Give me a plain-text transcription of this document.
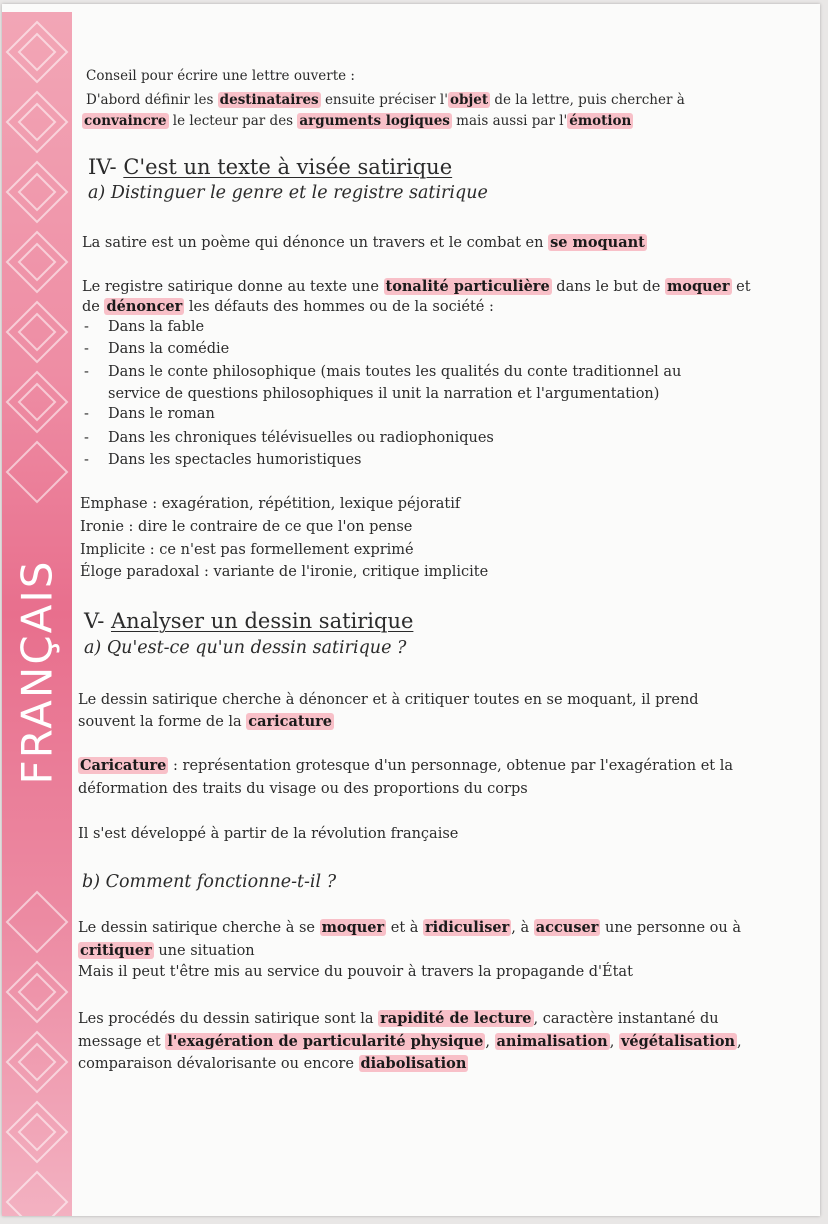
FRANÇAIS
Conseil pour écrire une lettre ouverte :
D'abord définir les destinataires ensuite préciser l' objet de la lettre, puis chercher à
convaincre le lecteur par des arguments logiques mais aussi par l' émotion
IV- C'est un texte à visée satirique
a) Distinguer le genre et le registre satirique
La satire est un poème qui dénonce un travers et le combat en se moquant
Le registre satirique donne au texte une tonalité particulière dans le but de moquer et
de dénoncer les défauts des hommes ou de la société :
- Dans la fable
- Dans la comédie
- Dans le conte philosophique (mais toutes les qualités du conte traditionnel au
service de questions philosophiques il unit la narration et l'argumentation)
- Dans le roman
- Dans les chroniques télévisuelles ou radiophoniques
- Dans les spectacles humoristiques
Emphase : exagération, répétition, lexique péjoratif
Ironie : dire le contraire de ce que l'on pense
Implicite : ce n'est pas formellement exprimé
Éloge paradoxal : variante de l'ironie, critique implicite
V- Analyser un dessin satirique
a) Qu'est-ce qu'un dessin satirique ?
Le dessin satirique cherche à dénoncer et à critiquer toutes en se moquant, il prend
souvent la forme de la caricature
Caricature : représentation grotesque d'un personnage, obtenue par l'exagération et la
déformation des traits du visage ou des proportions du corps
Il s'est développé à partir de la révolution française
b) Comment fonctionne-t-il ?
Le dessin satirique cherche à se moquer et à ridiculiser , à accuser une personne ou à
critiquer une situation
Mais il peut t'être mis au service du pouvoir à travers la propagande d'État
Les procédés du dessin satirique sont la rapidité de lecture , caractère instantané du
message et l'exagération de particularité physique , animalisation , végétalisation ,
comparaison dévalorisante ou encore diabolisation
